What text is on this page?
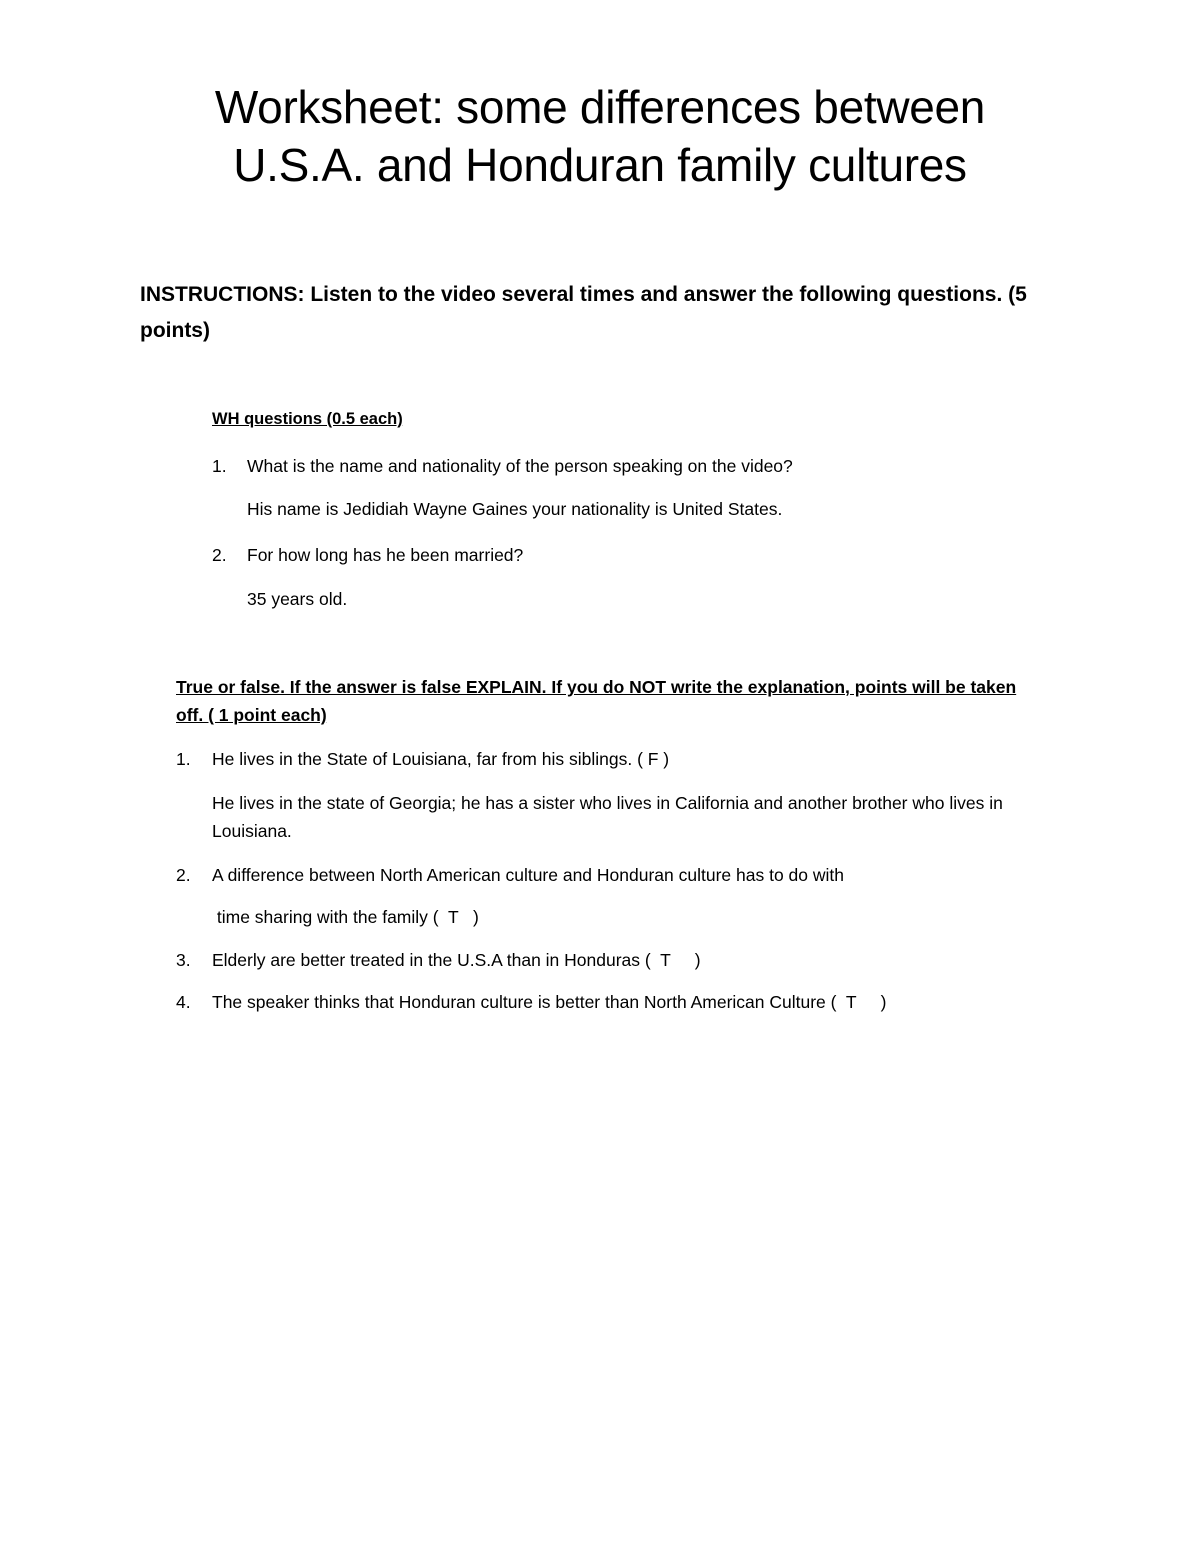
Worksheet: some differences between
U.S.A. and Honduran family cultures

INSTRUCTIONS: Listen to the video several times and answer the following questions. (5 points)

WH questions (0.5 each)

1. What is the name and nationality of the person speaking on the video?

His name is Jedidiah Wayne Gaines your nationality is United States.

2. For how long has he been married?

35 years old.

True or false. If the answer is false EXPLAIN. If you do NOT write the explanation, points will be taken off. ( 1 point each)

1. He lives in the State of Louisiana, far from his siblings. ( F )

He lives in the state of Georgia; he has a sister who lives in California and another brother who lives in Louisiana.

2. A difference between North American culture and Honduran culture has to do with

time sharing with the family (  T   )

3. Elderly are better treated in the U.S.A than in Honduras (  T     )

4. The speaker thinks that Honduran culture is better than North American Culture (  T     )
